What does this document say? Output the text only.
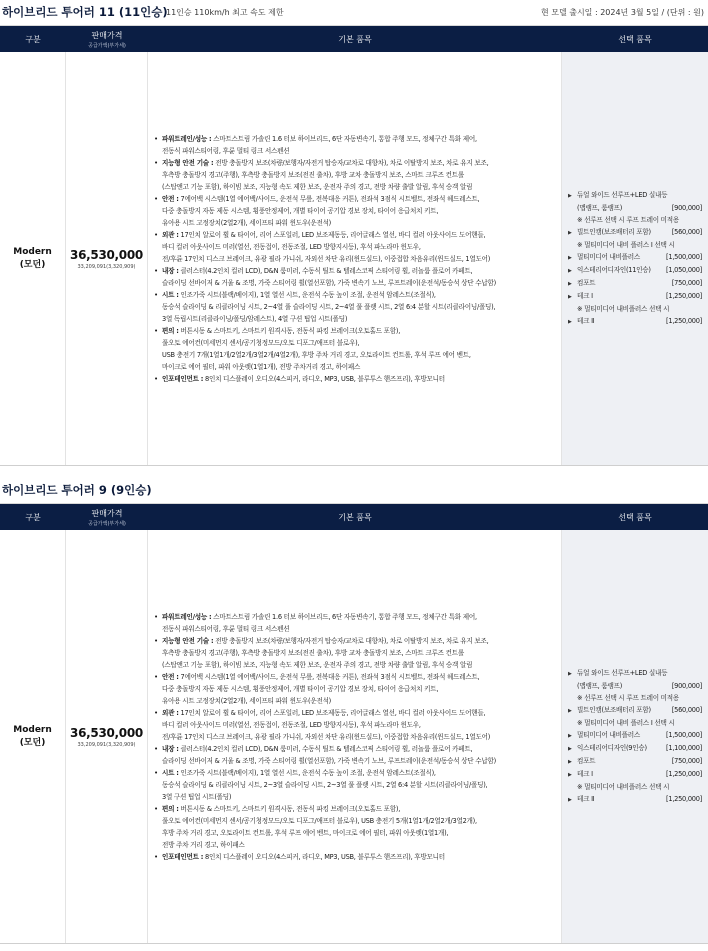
하이브리드 투어러 11 (11인승)
11인승 110km/h 최고 속도 제한	현 모델 출시일 : 2024년 3월 5일 / (단위 : 원)
구분	판매가격
공급가액(부가세)
기본 품목	선택 품목
Modern
(모던)
36,530,000
33,209,091(3,320,909)
• 파워트레인/성능 : 스마트스트림 가솔린 1.6 터보 하이브리드, 6단 자동변속기, 통합 주행 모드, 정체구간 특화 제어,
전동식 파워스티어링, 후륜 멀티 링크 서스펜션
• 지능형 안전 기술 : 전방 충돌방지 보조(차량/보행자/자전거 탑승자/교차로 대향차), 차로 이탈방지 보조, 차로 유지 보조,
후측방 충돌방지 경고(주행), 후측방 충돌방지 보조(전진 출차), 후방 교차 충돌방지 보조, 스마트 크루즈 컨트롤
(스탑앤고 기능 포함), 하이빔 보조, 지능형 속도 제한 보조, 운전자 주의 경고, 전방 차량 출발 알림, 후석 승객 알림
• 안전 : 7에어백 시스템(1열 에어백/사이드, 운전석 무릎, 전복대응 커튼), 전좌석 3점식 시트벨트, 전좌석 헤드레스트,
다중 충돌방지 자동 제동 시스템, 횡풍안정제어, 개별 타이어 공기압 경보 장치, 타이어 응급처치 키트,
유아용 시트 고정장치(2열2개), 세이프티 파워 윈도우(운전석)
• 외관 : 17인치 알로이 휠 & 타이어, 리어 스포일러, LED 보조제동등, 리어글래스 열선, 바디 컬러 아웃사이드 도어핸들,
바디 컬러 아웃사이드 미러(열선, 전동접이, 전동조절, LED 방향지시등), 후석 파노라마 윈도우,
전/후륜 17인치 디스크 브레이크, 유광 필라 가니쉬, 자외선 차단 유리(윈드실드), 이중접합 차음유리(윈드실드, 1열도어)
• 내장 : 클러스터(4.2인치 컬러 LCD), D&N 룸미러, 수동식 틸트 & 텔레스코픽 스티어링 휠, 러놀륨 플로어 카페트,
슬라이딩 선바이저 & 거울 & 조명, 가죽 스티어링 휠(열선포함), 가죽 변속기 노브, 루프트레이(운전석/동승석 상단 수납함)
• 시트 : 인조가죽 시트(블랙/베이지), 1열 열선 시트, 운전석 수동 높이 조절, 운전석 암레스트(조절식),
동승석 슬라이딩 & 리클라이닝 시트, 2~4열 풀 슬라이딩 시트, 2~4열 풀 플랫 시트, 2열 6:4 분할 시트(리클라이닝/폴딩),
3열 독립시트(리클라이닝/폴딩/암레스트), 4열 구션 팁업 시트(폴딩)
• 편의 : 버튼시동 & 스마트키, 스마트키 원격시동, 전동식 파킹 브레이크(오토홀드 포함),
풀오토 에어컨(미세먼지 센서/공기청정모드/오토 디포그/애프터 블로우),
USB 충전기 7개(1열1개/2열2개/3열2개/4열2개), 후방 주차 거리 경고, 오토라이트 컨트롤, 후석 루프 에어 벤트,
마이크로 에어 필터, 파워 아웃렛(1열1개), 전방 주차거리 경고, 하이패스
• 인포테인먼트 : 8인치 디스플레이 오디오(4스피커, 라디오, MP3, USB, 블루투스 핸즈프리), 후방모니터
▶ 듀얼 와이드 선루프+LED 실내등
(맵램프, 룸램프)	[900,000]
※ 선루프 선택 시 루프 트레이 미적용
▶ 빌트인캠(보조배터리 포함)	[560,000]
※ 멀티미디어 내비 플러스 Ⅰ 선택 시
▶ 멀티미디어 내비플러스	[1,500,000]
▶ 익스테리어디자인(11인승) [1,050,000]
▶ 컴포트	[750,000]
▶ 테크 Ⅰ	[1,250,000]
※ 멀티미디어 내비플러스 선택 시
▶ 테크 Ⅱ	[1,250,000]
하이브리드 투어러 9 (9인승)
구분	판매가격
공급가액(부가세)
기본 품목	선택 품목
Modern
(모던)
36,530,000
33,209,091(3,320,909)
• 파워트레인/성능 : 스마트스트림 가솔린 1.6 터보 하이브리드, 6단 자동변속기, 통합 주행 모드, 정체구간 특화 제어,
전동식 파워스티어링, 후륜 멀티 링크 서스펜션
• 지능형 안전 기술 : 전방 충돌방지 보조(차량/보행자/자전거 탑승자/교차로 대향차), 차로 이탈방지 보조, 차로 유지 보조,
후측방 충돌방지 경고(주행), 후측방 충돌방지 보조(전진 출차), 후방 교차 충돌방지 보조, 스마트 크루즈 컨트롤
(스탑앤고 기능 포함), 하이빔 보조, 지능형 속도 제한 보조, 운전자 주의 경고, 전방 차량 출발 알림, 후석 승객 알림
• 안전 : 7에어백 시스템(1열 에어백/사이드, 운전석 무릎, 전복대응 커튼), 전좌석 3점식 시트벨트, 전좌석 헤드레스트,
다중 충돌방지 자동 제동 시스템, 횡풍안정제어, 개별 타이어 공기압 경보 장치, 타이어 응급처치 키트,
유아용 시트 고정장치(2열2개), 세이프티 파워 윈도우(운전석)
• 외관 : 17인치 알로이 휠 & 타이어, 리어 스포일러, LED 보조제동등, 리어글래스 열선, 바디 컬러 아웃사이드 도어핸들,
바디 컬러 아웃사이드 미러(열선, 전동접이, 전동조절, LED 방향지시등), 후석 파노라마 윈도우,
전/후륜 17인치 디스크 브레이크, 유광 필라 가니쉬, 자외선 차단 유리(윈드실드), 이중접합 차음유리(윈드실드, 1열도어)
• 내장 : 클러스터(4.2인치 컬러 LCD), D&N 룸미러, 수동식 틸트 & 텔레스코픽 스티어링 휠, 러놀륨 플로어 카페트,
슬라이딩 선바이저 & 거울 & 조명, 가죽 스티어링 휠(열선포함), 가죽 변속기 노브, 루프트레이(운전석/동승석 상단 수납함)
• 시트 : 인조가죽 시트(블랙/베이지), 1열 열선 시트, 운전석 수동 높이 조절, 운전석 암레스트(조절식),
동승석 슬라이딩 & 리클라이닝 시트, 2~3열 슬라이딩 시트, 2~3열 풀 플랫 시트, 2열 6:4 분할 시트(리클라이닝/폴딩),
3열 구션 팁업 시트(폴딩)
• 편의 : 버튼시동 & 스마트키, 스마트키 원격시동, 전동식 파킹 브레이크(오토홀드 포함),
풀오토 에어컨(미세먼지 센서/공기청정모드/오토 디포그/애프터 블로우), USB 충전기 5개(1열1개/2열2개/3열2개),
후방 주차 거리 경고, 오토라이트 컨트롤, 후석 루프 에어 벤트, 마이크로 에어 필터, 파워 아웃렛(1열1개),
전방 주차 거리 경고, 하이패스
• 인포테인먼트 : 8인치 디스플레이 오디오(4스피커, 라디오, MP3, USB, 블루투스 핸즈프리), 후방모니터
▶ 듀얼 와이드 선루프+LED 실내등
(맵램프, 룸램프)	[900,000]
※ 선루프 선택 시 루프 트레이 미적용
▶ 빌트인캠(보조배터리 포함)	[560,000]
※ 멀티미디어 내비 플러스 Ⅰ 선택 시
▶ 멀티미디어 내비플러스	[1,500,000]
▶ 익스테리어디자인(9인승)	[1,100,000]
▶ 컴포트	[750,000]
▶ 테크 Ⅰ	[1,250,000]
※ 멀티미디어 내비플러스 선택 시
▶ 테크 Ⅱ	[1,250,000]
